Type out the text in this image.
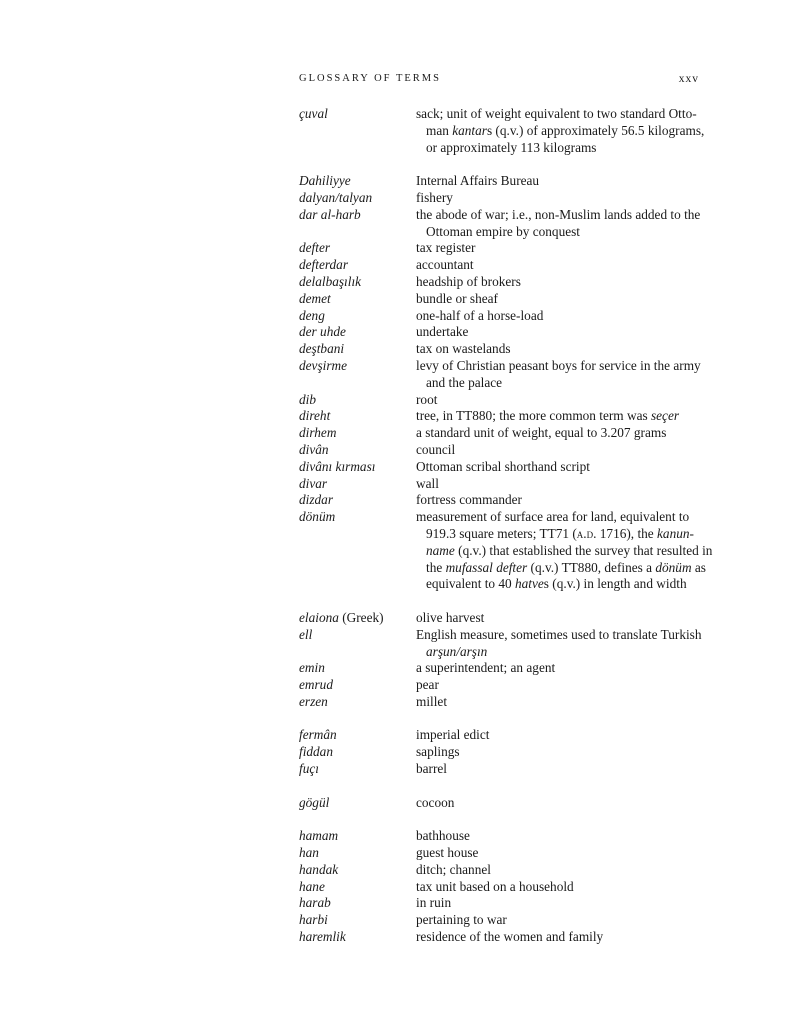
GLOSSARY OF TERMS	xxv
çuval	sack; unit of weight equivalent to two standard Otto-man kantars (q.v.) of approximately 56.5 kilograms, or approximately 113 kilograms
Dahiliyye	Internal Affairs Bureau
dalyan/talyan	fishery
dar al-harb	the abode of war; i.e., non-Muslim lands added to the Ottoman empire by conquest
defter	tax register
defterdar	accountant
delalbaşılık	headship of brokers
demet	bundle or sheaf
deng	one-half of a horse-load
der uhde	undertake
deştbani	tax on wastelands
devşirme	levy of Christian peasant boys for service in the army and the palace
dib	root
direht	tree, in TT880; the more common term was seçer
dirhem	a standard unit of weight, equal to 3.207 grams
divân	council
divânı kırması	Ottoman scribal shorthand script
divar	wall
dizdar	fortress commander
dönüm	measurement of surface area for land, equivalent to 919.3 square meters; TT71 (a.d. 1716), the kanun-name (q.v.) that established the survey that resulted in the mufassal defter (q.v.) TT880, defines a dönüm as equivalent to 40 hatves (q.v.) in length and width
elaiona (Greek)	olive harvest
ell	English measure, sometimes used to translate Turkish arşun/arşın
emin	a superintendent; an agent
emrud	pear
erzen	millet
fermân	imperial edict
fiddan	saplings
fuçı	barrel
gögül	cocoon
hamam	bathhouse
han	guest house
handak	ditch; channel
hane	tax unit based on a household
harab	in ruin
harbi	pertaining to war
haremlik	residence of the women and family
